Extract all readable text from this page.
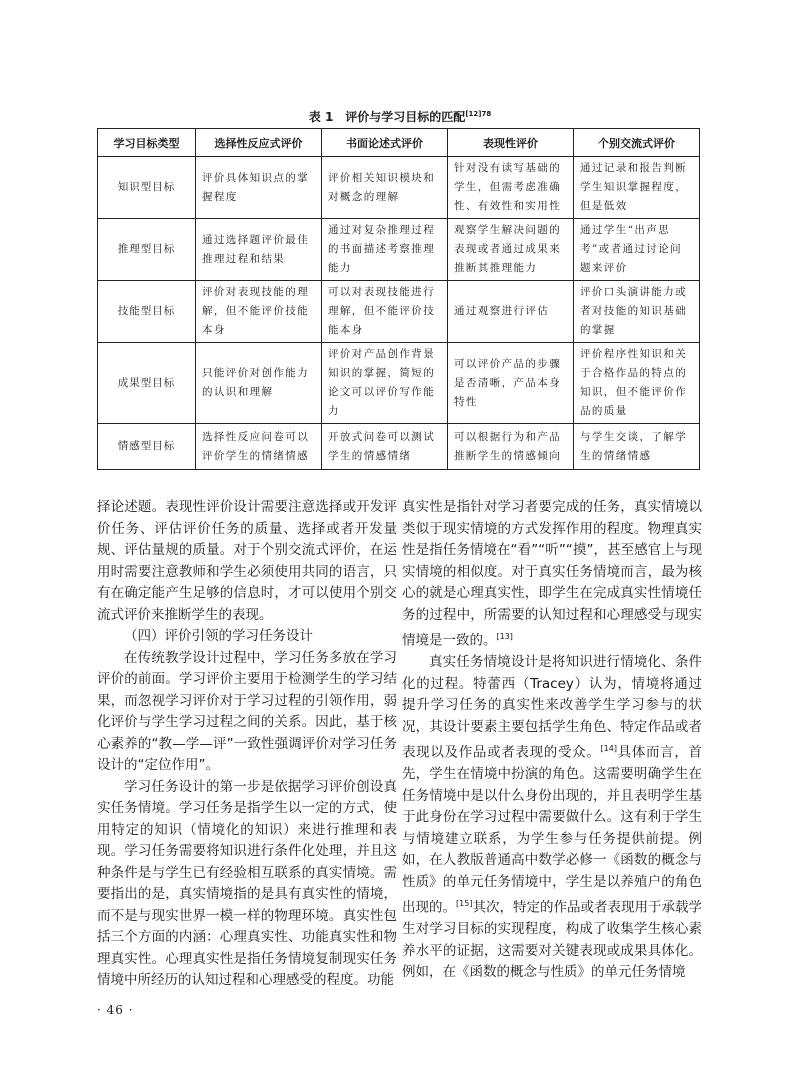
表 1　评价与学习目标的匹配$^{[12]78}$
学习目标类型	选择性反应式评价	书面论述式评价	表现性评价	个别交流式评价
知识型目标	评价具体知识点的掌握程度	评价相关知识模块和对概念的理解	针对没有读写基础的学生，但需考虑准确性、有效性和实用性	通过记录和报告判断学生知识掌握程度，但是低效
推理型目标	通过选择题评价最佳推理过程和结果	通过对复杂推理过程的书面描述考察推理能力	观察学生解决问题的表现或者通过成果来推断其推理能力	通过学生“出声思考”或者通过讨论问题来评价
技能型目标	评价对表现技能的理解，但不能评价技能本身	可以对表现技能进行理解，但不能评价技能本身	通过观察进行评估	评价口头演讲能力或者对技能的知识基础的掌握
成果型目标	只能评价对创作能力的认识和理解	评价对产品创作背景知识的掌握，简短的论文可以评价写作能力	可以评价产品的步骤是否清晰，产品本身特性	评价程序性知识和关于合格作品的特点的知识，但不能评价作品的质量
情感型目标	选择性反应问卷可以评价学生的情绪情感	开放式问卷可以测试学生的情感情绪	可以根据行为和产品推断学生的情感倾向	与学生交谈，了解学生的情绪情感

择论述题。表现性评价设计需要注意选择或开发评价任务、评估评价任务的质量、选择或者开发量规、评估量规的质量。对于个别交流式评价，在运用时需要注意教师和学生必须使用共同的语言，只有在确定能产生足够的信息时，才可以使用个别交流式评价来推断学生的表现。

（四）评价引领的学习任务设计

在传统教学设计过程中，学习任务多放在学习评价的前面。学习评价主要用于检测学生的学习结果，而忽视学习评价对于学习过程的引领作用，弱化评价与学生学习过程之间的关系。因此，基于核心素养的“教—学—评”一致性强调评价对学习任务设计的“定位作用”。

学习任务设计的第一步是依据学习评价创设真实任务情境。学习任务是指学生以一定的方式，使用特定的知识（情境化的知识）来进行推理和表现。学习任务需要将知识进行条件化处理，并且这种条件是与学生已有经验相互联系的真实情境。需要指出的是，真实情境指的是具有真实性的情境，而不是与现实世界一模一样的物理环境。真实性包括三个方面的内涵：心理真实性、功能真实性和物理真实性。心理真实性是指任务情境复制现实任务情境中所经历的认知过程和心理感受的程度。功能

真实性是指针对学习者要完成的任务，真实情境以类似于现实情境的方式发挥作用的程度。物理真实性是指任务情境在“看”“听”“摸”，甚至感官上与现实情境的相似度。对于真实任务情境而言，最为核心的就是心理真实性，即学生在完成真实性情境任务的过程中，所需要的认知过程和心理感受与现实情境是一致的。[13]

真实任务情境设计是将知识进行情境化、条件化的过程。特蕾西（Tracey）认为，情境将通过提升学习任务的真实性来改善学生学习参与的状况，其设计要素主要包括学生角色、特定作品或者表现以及作品或者表现的受众。[14]具体而言，首先，学生在情境中扮演的角色。这需要明确学生在任务情境中是以什么身份出现的，并且表明学生基于此身份在学习过程中需要做什么。这有利于学生与情境建立联系，为学生参与任务提供前提。例如，在人教版普通高中数学必修一《函数的概念与性质》的单元任务情境中，学生是以养殖户的角色出现的。[15]其次，特定的作品或者表现用于承载学生对学习目标的实现程度，构成了收集学生核心素养水平的证据，这需要对关键表现或成果具体化。例如，在《函数的概念与性质》的单元任务情境

· 46 ·
